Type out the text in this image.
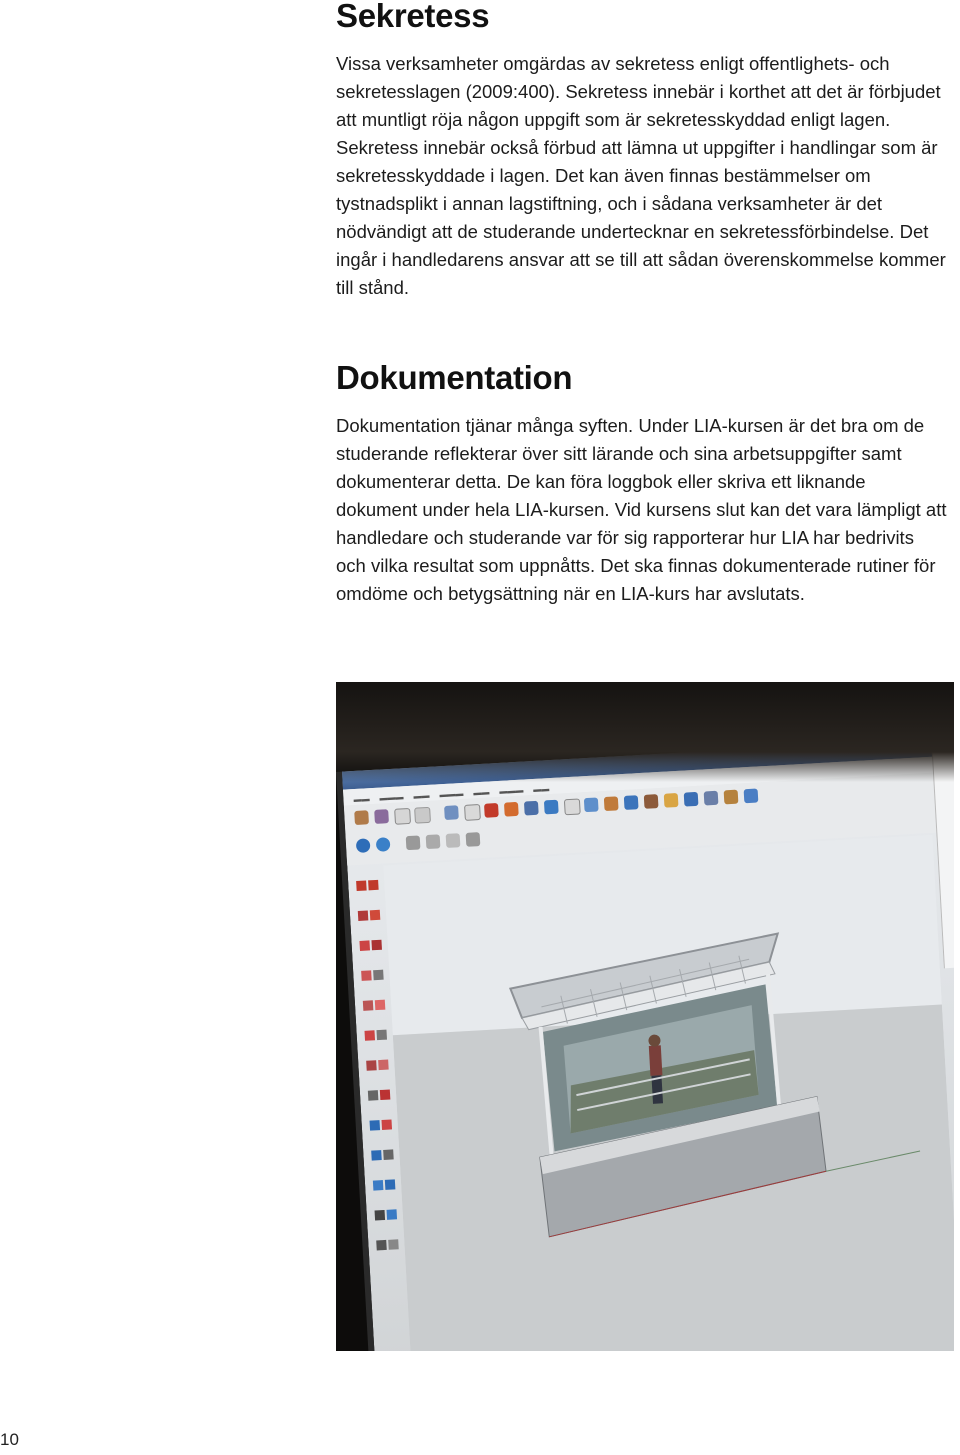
Sekretess

Vissa verksamheter omgärdas av sekretess enligt offentlighets- och sekretesslagen (2009:400). Sekretess innebär i korthet att det är förbjudet att muntligt röja någon uppgift som är sekretesskyddad enligt lagen. Sekretess innebär också förbud att lämna ut uppgifter i handlingar som är sekretesskyddade i lagen. Det kan även finnas bestämmelser om tystnadsplikt i annan lagstiftning, och i sådana verksamheter är det nödvändigt att de studerande undertecknar en sekretessförbindelse. Det ingår i handledarens ansvar att se till att sådan överenskommelse kommer till stånd.

Dokumentation

Dokumentation tjänar många syften. Under LIA-kursen är det bra om de studerande reflekterar över sitt lärande och sina arbetsuppgifter samt dokumenterar detta. De kan föra loggbok eller skriva ett liknande dokument under hela LIA-kursen. Vid kursens slut kan det vara lämpligt att handledare och studerande var för sig rapporterar hur LIA har bedrivits och vilka resultat som uppnåtts. Det ska finnas dokumenterade rutiner för omdöme och betygsättning när en LIA-kurs har avslutats.

▬▬ ▬▬▬ ▬▬ ▬▬▬ ▬▬ ▬▬▬ ▬▬
10
